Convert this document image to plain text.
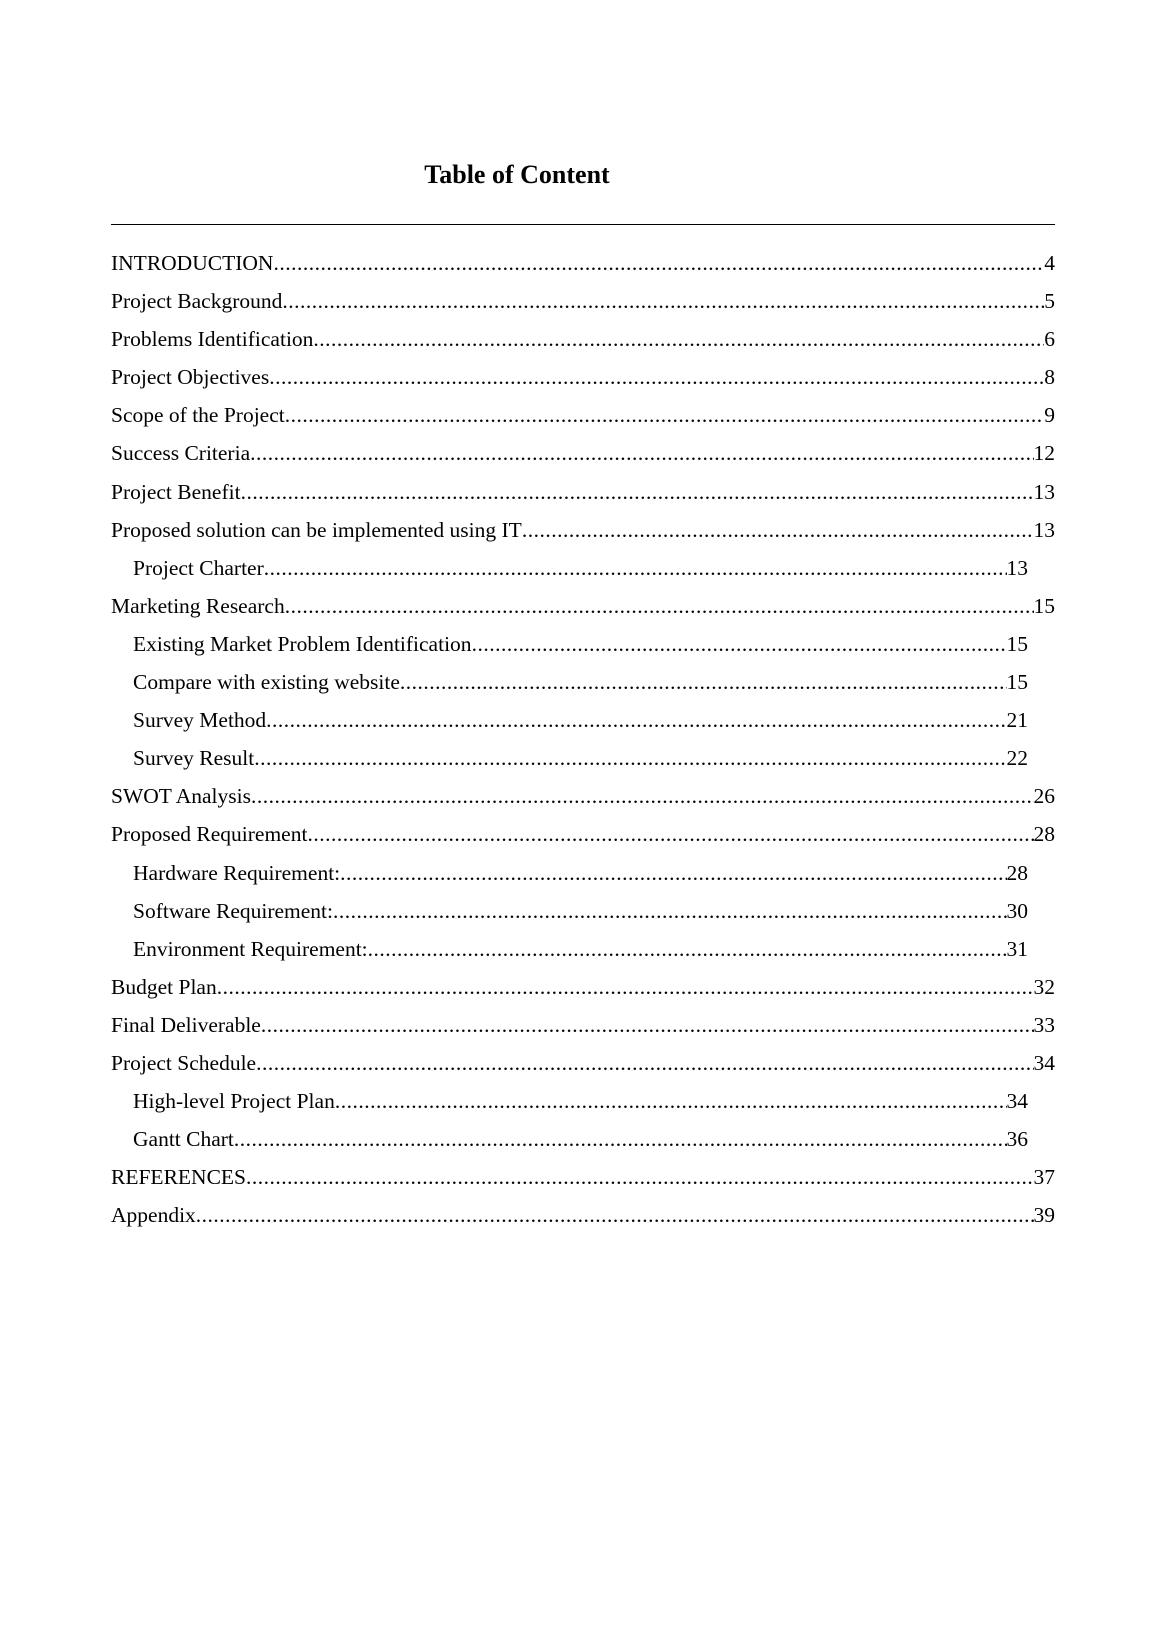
Table of Content
INTRODUCTION .....	4
Project Background .....	5
Problems Identification .....	6
Project Objectives .....	8
Scope of the Project .....	9
Success Criteria .....	12
Project Benefit .....	13
Proposed solution can be implemented using IT .....	13
Project Charter .....	13
Marketing Research .....	15
Existing Market Problem Identification .....	15
Compare with existing website .....	15
Survey Method .....	21
Survey Result .....	22
SWOT Analysis .....	26
Proposed Requirement .....	28
Hardware Requirement: .....	28
Software Requirement: .....	30
Environment Requirement: .....	31
Budget Plan .....	32
Final Deliverable .....	33
Project Schedule .....	34
High-level Project Plan .....	34
Gantt Chart .....	36
REFERENCES .....	37
Appendix .....	39
